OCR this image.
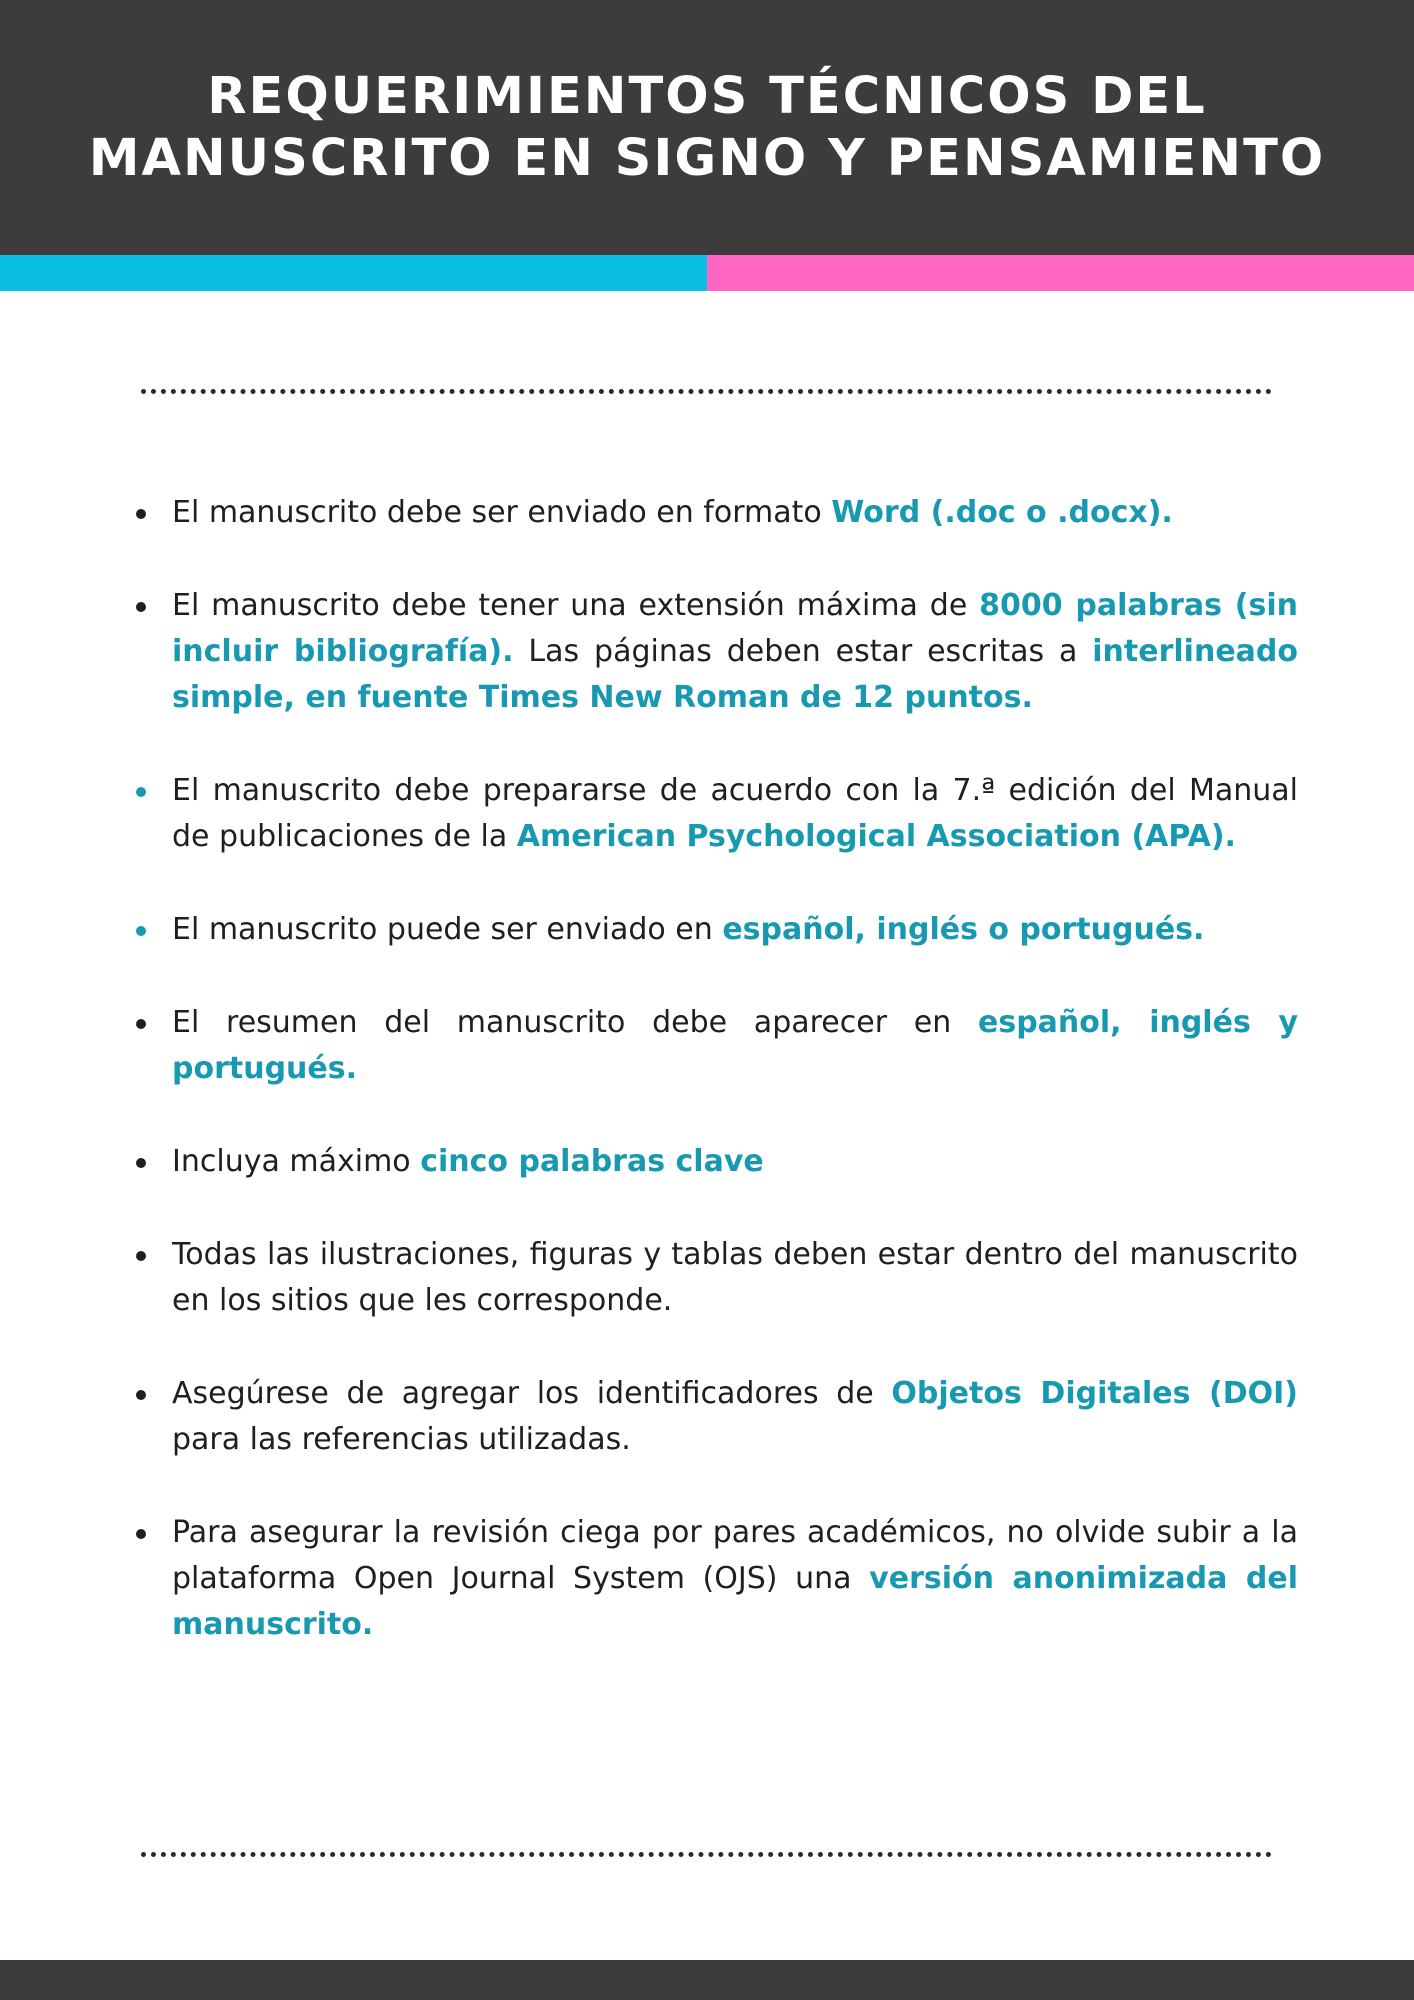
REQUERIMIENTOS TÉCNICOS DEL
MANUSCRITO EN SIGNO Y PENSAMIENTO
El manuscrito debe ser enviado en formato Word (.doc o .docx).
El manuscrito debe tener una extensión máxima de 8000 palabras (sin incluir bibliografía). Las páginas deben estar escritas a interlineado simple, en fuente Times New Roman de 12 puntos.
El manuscrito debe prepararse de acuerdo con la 7.ª edición del Manual de publicaciones de la American Psychological Association (APA).
El manuscrito puede ser enviado en español, inglés o portugués.
El resumen del manuscrito debe aparecer en español, inglés y portugués.
Incluya máximo cinco palabras clave
Todas las ilustraciones, figuras y tablas deben estar dentro del manuscrito en los sitios que les corresponde.
Asegúrese de agregar los identificadores de Objetos Digitales (DOI) para las referencias utilizadas.
Para asegurar la revisión ciega por pares académicos, no olvide subir a la plataforma Open Journal System (OJS) una versión anonimizada del manuscrito.
